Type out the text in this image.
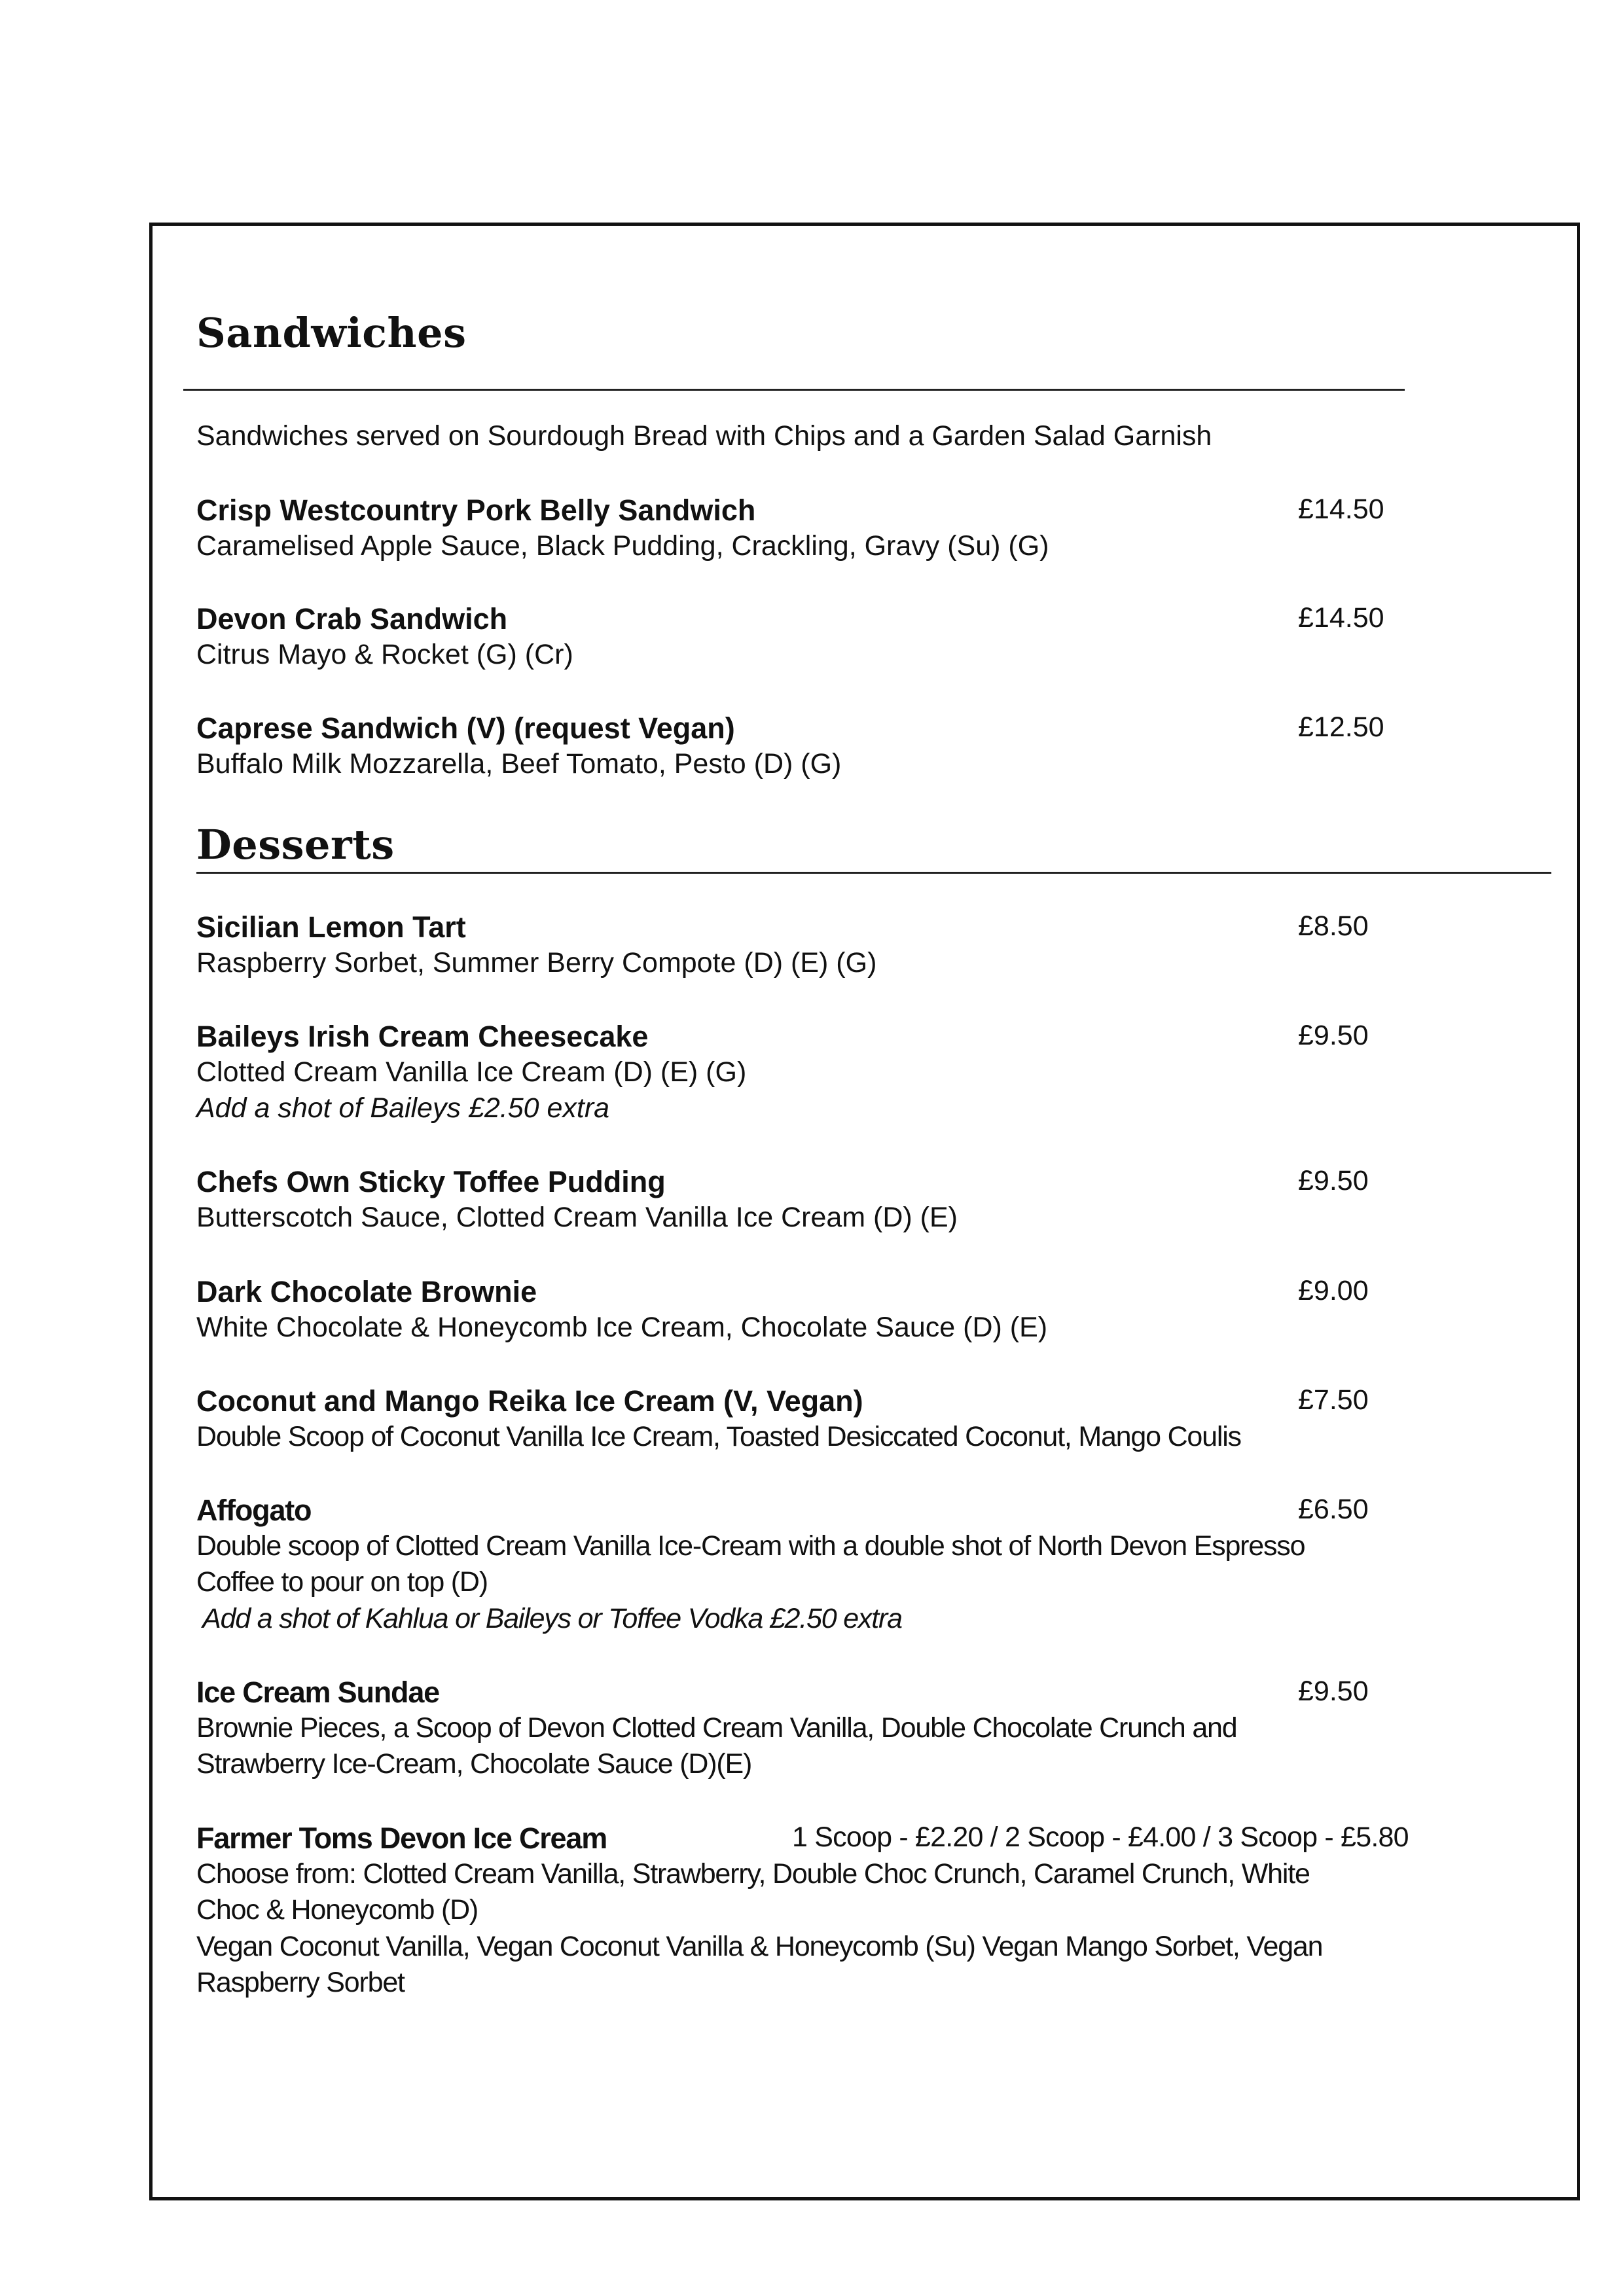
Sandwiches
Sandwiches served on Sourdough Bread with Chips and a Garden Salad Garnish
Crisp Westcountry Pork Belly Sandwich	£14.50
Caramelised Apple Sauce, Black Pudding, Crackling, Gravy (Su) (G)
Devon Crab Sandwich	£14.50
Citrus Mayo & Rocket (G) (Cr)
Caprese Sandwich (V) (request Vegan)	£12.50
Buffalo Milk Mozzarella, Beef Tomato, Pesto (D) (G)
Desserts
Sicilian Lemon Tart	£8.50
Raspberry Sorbet, Summer Berry Compote (D) (E) (G)
Baileys Irish Cream Cheesecake	£9.50
Clotted Cream Vanilla Ice Cream (D) (E) (G)
Add a shot of Baileys £2.50 extra
Chefs Own Sticky Toffee Pudding	£9.50
Butterscotch Sauce, Clotted Cream Vanilla Ice Cream (D) (E)
Dark Chocolate Brownie	£9.00
White Chocolate & Honeycomb Ice Cream, Chocolate Sauce (D) (E)
Coconut and Mango Reika Ice Cream (V, Vegan)	£7.50
Double Scoop of Coconut Vanilla Ice Cream, Toasted Desiccated Coconut, Mango Coulis
Affogato	£6.50
Double scoop of Clotted Cream Vanilla Ice-Cream with a double shot of North Devon Espresso
Coffee to pour on top (D)
Add a shot of Kahlua or Baileys or Toffee Vodka £2.50 extra
Ice Cream Sundae	£9.50
Brownie Pieces, a Scoop of Devon Clotted Cream Vanilla, Double Chocolate Crunch and
Strawberry Ice-Cream, Chocolate Sauce (D)(E)
Farmer Toms Devon Ice Cream	1 Scoop - £2.20 / 2 Scoop - £4.00 / 3 Scoop - £5.80
Choose from: Clotted Cream Vanilla, Strawberry, Double Choc Crunch, Caramel Crunch, White
Choc & Honeycomb (D)
Vegan Coconut Vanilla, Vegan Coconut Vanilla & Honeycomb (Su) Vegan Mango Sorbet, Vegan
Raspberry Sorbet
